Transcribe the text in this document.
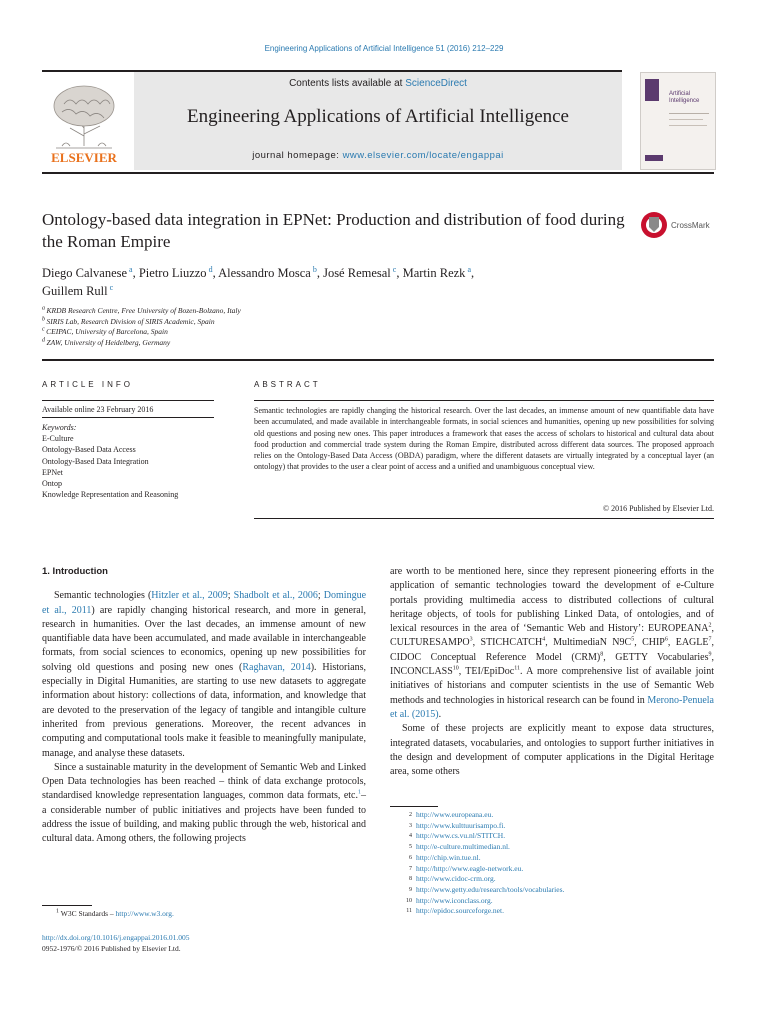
Engineering Applications of Artificial Intelligence 51 (2016) 212–229
ELSEVIER
Contents lists available at ScienceDirect
Engineering Applications of Artificial Intelligence
journal homepage: www.elsevier.com/locate/engappai
Artificial Intelligence
Ontology-based data integration in EPNet: Production and distribution of food during the Roman Empire
CrossMark
Diego Calvanese $^a$, Pietro Liuzzo $^d$, Alessandro Mosca $^b$, José Remesal $^c$, Martin Rezk $^a$,
Guillem Rull $^c$
$^a$ KRDB Research Centre, Free University of Bozen-Bolzano, Italy
$^b$ SIRIS Lab, Research Division of SIRIS Academic, Spain
$^c$ CEIPAC, University of Barcelona, Spain
$^d$ ZAW, University of Heidelberg, Germany
ARTICLE INFO	ABSTRACT
Available online 23 February 2016
Keywords:
E-Culture
Ontology-Based Data Access
Ontology-Based Data Integration
EPNet
Ontop
Knowledge Representation and Reasoning
Semantic technologies are rapidly changing the historical research. Over the last decades, an immense amount of new quantifiable data have been accumulated, and made available in interchangeable formats, in social sciences and humanities, opening up new possibilities for solving old questions and posing new ones. This paper introduces a framework that eases the access of scholars to historical and cultural data about food production and commercial trade system during the Roman Empire, distributed across different data sources. The proposed approach relies on the Ontology-Based Data Access (OBDA) paradigm, where the different datasets are virtually integrated by a conceptual layer (an ontology) that provides to the user a clear point of access and a unified and unambiguous conceptual view.
© 2016 Published by Elsevier Ltd.
1. Introduction

Semantic technologies (Hitzler et al., 2009; Shadbolt et al., 2006; Domingue et al., 2011) are rapidly changing historical research, and more in general, research in humanities. Over the last decades, an immense amount of new quantifiable data have been accumulated, and made available in interchangeable formats, from social sciences to economics, opening up new possibilities for solving old questions and posing new ones (Raghavan, 2014). Historians, especially in Digital Humanities, are starting to use new datasets to aggregate information about history: collections of data, information, and knowledge that are devoted to the preservation of the legacy of tangible and intangible culture inherited from previous generations. Moreover, the recent advances in computing and computational tools make it feasible to meaningfully manipulate, manage, and analyse these datasets.

Since a sustainable maturity in the development of Semantic Web and Linked Open Data technologies has been reached – think of data exchange protocols, standardised knowledge representation languages, common data formats, etc.$^1$– a considerable number of public initiatives and projects have been funded to address the issue of building, and making public through the web, historical and cultural data. Among others, the following projects

$^1$ W3C Standards – http://www.w3.org.
http://dx.doi.org/10.1016/j.engappai.2016.01.005
0952-1976/© 2016 Published by Elsevier Ltd.

are worth to be mentioned here, since they represent pioneering efforts in the application of semantic technologies toward the development of e-Culture portals providing multimedia access to distributed collections of cultural heritage objects, of tools for publishing Linked Data, of ontologies, and of lexical resources in the area of ‘Semantic Web and History’: EUROPEANA$^2$, CULTURESAMPO$^3$, STICHCATCH$^4$, MultimediaN $N9C^5$, CHIP$^6$, EAGLE$^7$, CIDOC Conceptual Reference Model (CRM)$^8$, GETTY Vocabularies$^9$, INCONCLASS$^{10}$, TEI/EpiDoc$^{11}$. A more comprehensive list of available joint initiatives of historians and computer scientists in the use of Semantic Web methods and technologies in historical research can be found in Merono-Penuela et al. (2015).

Some of these projects are explicitly meant to expose data structures, integrated datasets, vocabularies, and ontologies to support further initiatives in the design and development of computer applications in the Digital Heritage area, some others

2 http://www.europeana.eu.
3 http://www.kulttuurisampo.fi.
4 http://www.cs.vu.nl/STITCH.
5 http://e-culture.multimedian.nl.
6 http://chip.win.tue.nl.
7 http://http://www.eagle-network.eu.
8 http://www.cidoc-crm.org.
9 http://www.getty.edu/research/tools/vocabularies.
10 http://www.iconclass.org.
11 http://epidoc.sourceforge.net.
